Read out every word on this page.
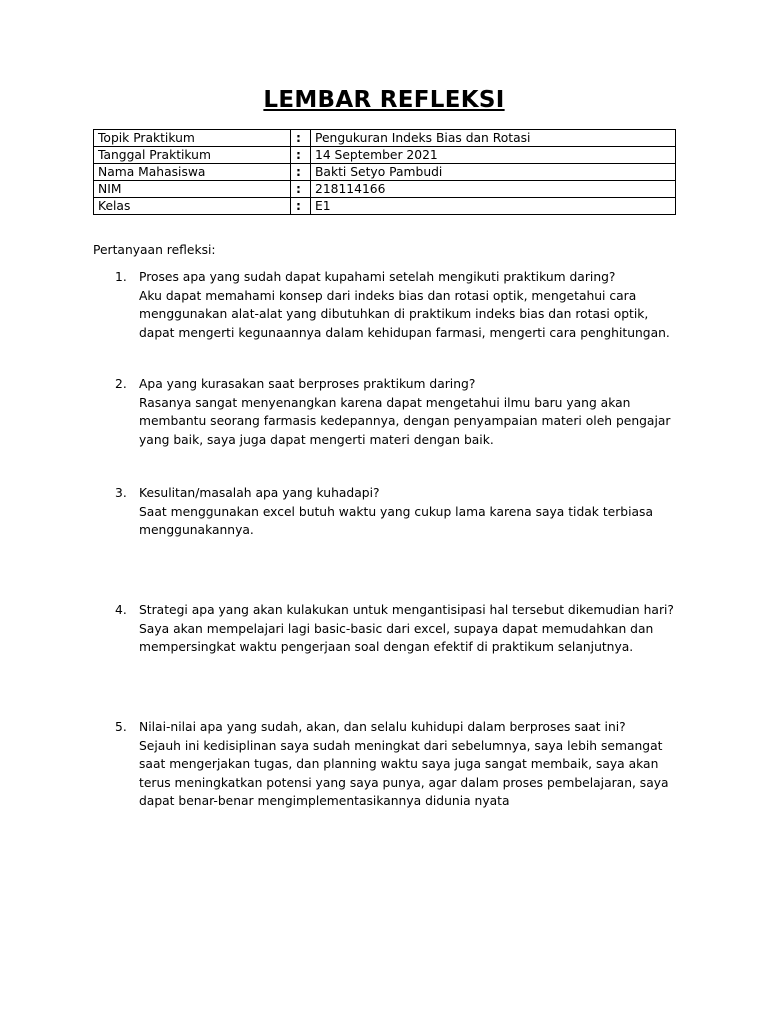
LEMBAR REFLEKSI
Topik Praktikum	:	Pengukuran Indeks Bias dan Rotasi
Tanggal Praktikum	:	14 September 2021
Nama Mahasiswa	:	Bakti Setyo Pambudi
NIM	:	218114166
Kelas	:	E1
Pertanyaan refleksi:
1. Proses apa yang sudah dapat kupahami setelah mengikuti praktikum daring?
Aku dapat memahami konsep dari indeks bias dan rotasi optik, mengetahui cara menggunakan alat-alat yang dibutuhkan di praktikum indeks bias dan rotasi optik, dapat mengerti kegunaannya dalam kehidupan farmasi, mengerti cara penghitungan.
2. Apa yang kurasakan saat berproses praktikum daring?
Rasanya sangat menyenangkan karena dapat mengetahui ilmu baru yang akan membantu seorang farmasis kedepannya, dengan penyampaian materi oleh pengajar yang baik, saya juga dapat mengerti materi dengan baik.
3. Kesulitan/masalah apa yang kuhadapi?
Saat menggunakan excel butuh waktu yang cukup lama karena saya tidak terbiasa menggunakannya.
4. Strategi apa yang akan kulakukan untuk mengantisipasi hal tersebut dikemudian hari?
Saya akan mempelajari lagi basic-basic dari excel, supaya dapat memudahkan dan mempersingkat waktu pengerjaan soal dengan efektif di praktikum selanjutnya.
5. Nilai-nilai apa yang sudah, akan, dan selalu kuhidupi dalam berproses saat ini?
Sejauh ini kedisiplinan saya sudah meningkat dari sebelumnya, saya lebih semangat saat mengerjakan tugas, dan planning waktu saya juga sangat membaik, saya akan terus meningkatkan potensi yang saya punya, agar dalam proses pembelajaran, saya dapat benar-benar mengimplementasikannya didunia nyata
